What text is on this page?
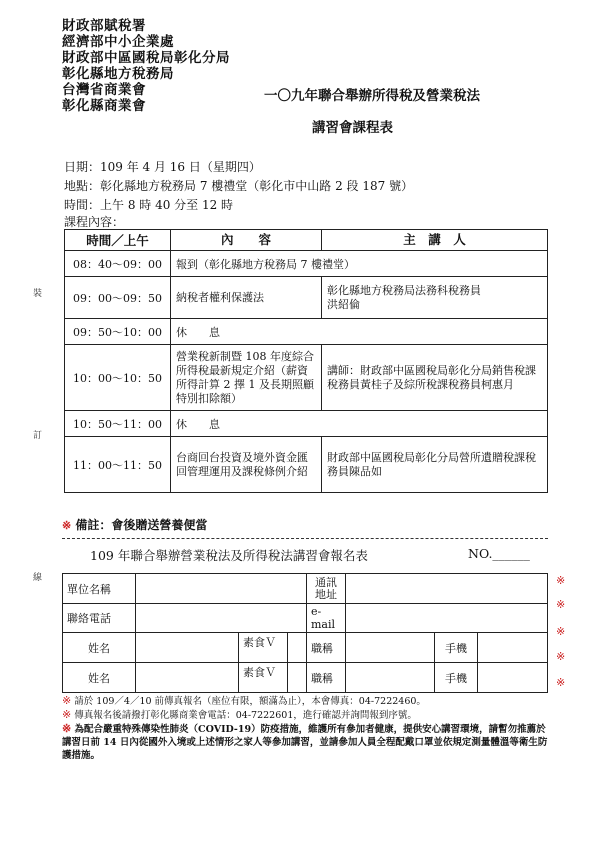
財政部賦稅署
經濟部中小企業處
財政部中區國稅局彰化分局
彰化縣地方稅務局
台灣省商業會
彰化縣商業會
一〇九年聯合舉辦所得稅及營業稅法
講習會課程表
日期：109 年 4 月 16 日（星期四）
地點：彰化縣地方稅務局 7 樓禮堂（彰化市中山路 2 段 187 號）
時間：上午 8 時 40 分至 12 時
課程內容：
時間／上午	內　　容	主　講　人
08：40～09：00	報到（彰化縣地方稅務局 7 樓禮堂）	
09：00～09：50	納稅者權利保護法	彰化縣地方稅務局法務科稅務員
洪紹倫
09：50～10：00	休　　息	
10：00～10：50	營業稅新制暨 108 年度綜合所得稅最新規定介紹（薪資所得計算 2 擇 1 及長期照顧特別扣除額）	講師：財政部中區國稅局彰化分局銷售稅課稅務員黃桂子及綜所稅課稅務員柯惠月
10：50～11：00	休　　息	
11：00～11：50	台商回台投資及境外資金匯回管理運用及課稅條例介紹	財政部中區國稅局彰化分局營所遺贈稅課稅務員陳品如
※ 備註：會後贈送營養便當
裝
訂
線
109 年聯合舉辦營業稅法及所得稅法講習會報名表	NO.______
單位名稱				通訊
地址			
聯絡電話				e-mail			
姓名		素食Ｖ		職稱		手機	
姓名		素食Ｖ		職稱		手機	
※
※
※
※
※
※ 請於 109／4／10 前傳真報名（座位有限，額滿為止），本會傳真：04-7222460。
※ 傳真報名後請撥打彰化縣商業會電話：04-7222601，進行確認并詢問報到序號。
※ 為配合嚴重特殊傳染性肺炎（COVID-19）防疫措施，維護所有參加者健康，提供安心講習環境，請暫勿推薦於講習日前 14 日內從國外入境或上述情形之家人等參加講習，並請參加人員全程配戴口罩並依規定測量體溫等衛生防護措施。
